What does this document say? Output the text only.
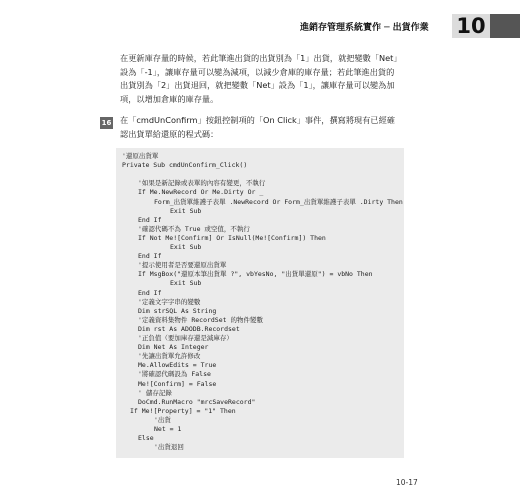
進銷存管理系統實作 ─ 出貨作業 10

在更新庫存量的時候，若此筆進出貨的出貨別為「1」出貨，就把變數「Net」設為「-1」，讓庫存量可以變為減項，以減少倉庫的庫存量；若此筆進出貨的出貨別為「2」出貨退回，就把變數「Net」設為「1」，讓庫存量可以變為加項，以增加倉庫的庫存量。

16 在「cmdUnConfirm」按鈕控制項的「On Click」事件，撰寫將現有已經確認出貨單給還原的程式碼：

'還原出貨單
Private Sub cmdUnConfirm_Click()
'如果是新記錄或表單的內容有變更，不執行
If Me.NewRecord Or Me.Dirty Or _
Form_出貨單維護子表單 .NewRecord Or Form_出貨單維護子表單 .Dirty Then
Exit Sub
End If
'確認代碼不為 True 或空值，不執行
If Not Me![Confirm] Or IsNull(Me![Confirm]) Then
Exit Sub
End If
'提示使用者是否要還原出貨單
If MsgBox("還原本筆出貨單 ?", vbYesNo, "出貨單還原") = vbNo Then
Exit Sub
End If
'定義文字字串的變數
Dim strSQL As String
'定義資料集物件 RecordSet 的物件變數
Dim rst As ADODB.Recordset
'正負值（要加庫存還是減庫存）
Dim Net As Integer
'先讓出貨單允許修改
Me.AllowEdits = True
'將確認代碼設為 False
Me![Confirm] = False
' 儲存記錄
DoCmd.RunMacro "mrcSaveRecord"
If Me![Property] = "1" Then
'出貨
Net = 1
Else
'出貨退回
10-17
